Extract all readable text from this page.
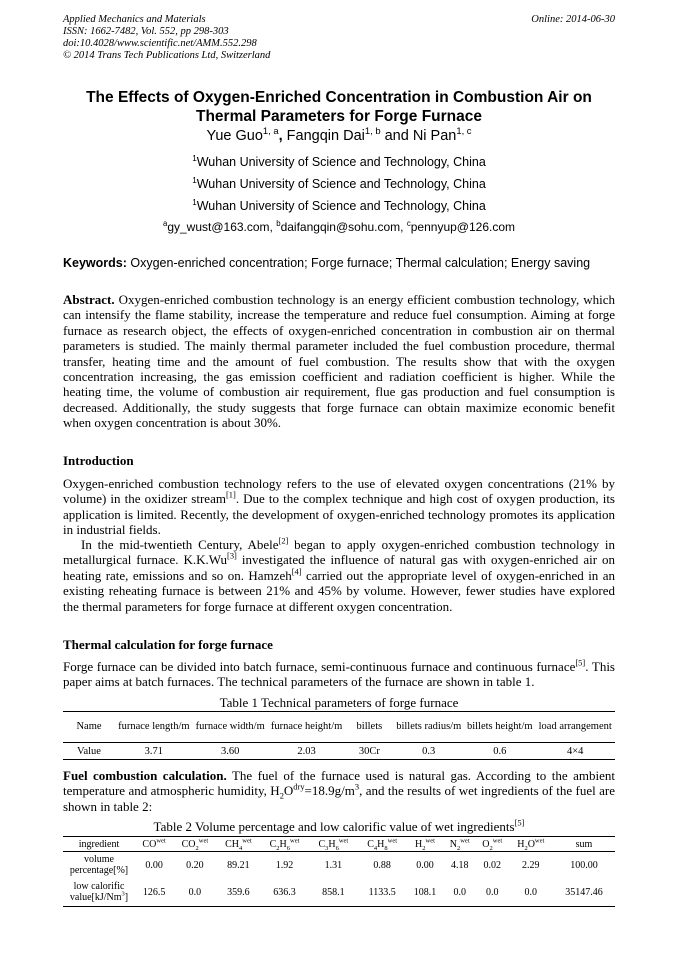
Applied Mechanics and Materials
ISSN: 1662-7482, Vol. 552, pp 298-303
doi:10.4028/www.scientific.net/AMM.552.298
© 2014 Trans Tech Publications Ltd, Switzerland
Online: 2014-06-30
The Effects of Oxygen-Enriched Concentration in Combustion Air on
Thermal Parameters for Forge Furnace
Yue Guo$^{1, a}$, Fangqin Dai$^{1, b}$ and Ni Pan$^{1, c}$
$^1$Wuhan University of Science and Technology, China
$^1$Wuhan University of Science and Technology, China
$^1$Wuhan University of Science and Technology, China
$^a$gy_wust@163.com, $^b$daifangqin@sohu.com, $^c$pennyup@126.com
Keywords: Oxygen-enriched concentration; Forge furnace; Thermal calculation; Energy saving
Abstract. Oxygen-enriched combustion technology is an energy efficient combustion technology, which can intensify the flame stability, increase the temperature and reduce fuel consumption. Aiming at forge furnace as research object, the effects of oxygen-enriched concentration in combustion air on thermal parameters is studied. The mainly thermal parameter included the fuel combustion procedure, thermal transfer, heating time and the amount of fuel combustion. The results show that with the oxygen concentration increasing, the gas emission coefficient and radiation coefficient is higher. While the heating time, the volume of combustion air requirement, flue gas production and fuel consumption is decreased. Additionally, the study suggests that forge furnace can obtain maximize economic benefit when oxygen concentration is about 30%.
Introduction
Oxygen-enriched combustion technology refers to the use of elevated oxygen concentrations (21% by volume) in the oxidizer stream[1]. Due to the complex technique and high cost of oxygen production, its application is limited. Recently, the development of oxygen-enriched technology promotes its application in industrial fields.
In the mid-twentieth Century, Abele[2] began to apply oxygen-enriched combustion technology in metallurgical furnace. K.K.Wu[3] investigated the influence of natural gas with oxygen-enriched air on heating rate, emissions and so on. Hamzeh[4] carried out the appropriate level of oxygen-enriched in an existing reheating furnace is between 21% and 45% by volume. However, fewer studies have explored the thermal parameters for forge furnace at different oxygen concentration.
Thermal calculation for forge furnace
Forge furnace can be divided into batch furnace, semi-continuous furnace and continuous furnace[5]. This paper aims at batch furnaces. The technical parameters of the furnace are shown in table 1.
Table 1 Technical parameters of forge furnace
Name	furnace length/m	furnace width/m	furnace height/m	billets	billets radius/m	billets height/m	load arrangement
Value	3.71	3.60	2.03	30Cr	0.3	0.6	4×4
Fuel combustion calculation. The fuel of the furnace used is natural gas. According to the ambient temperature and atmospheric humidity, $H_2O^{dry}=18.9g/m^3$, and the results of wet ingredients of the fuel are shown in table 2:
Table 2 Volume percentage and low calorific value of wet ingredients[5]
ingredient	$CO^{wet}$	$CO_2^{wet}$	$CH_4^{wet}$	$C_2H_6^{wet}$	$C_3H_6^{wet}$	$C_4H_8^{wet}$	$H_2^{wet}$	$N_2^{wet}$	$O_2^{wet}$	$H_2O^{wet}$	sum
volume percentage[%]	0.00	0.20	89.21	1.92	1.31	0.88	0.00	4.18	0.02	2.29	100.00
low calorific value[kJ/Nm$^3$]	126.5	0.0	359.6	636.3	858.1	1133.5	108.1	0.0	0.0	0.0	35147.46
